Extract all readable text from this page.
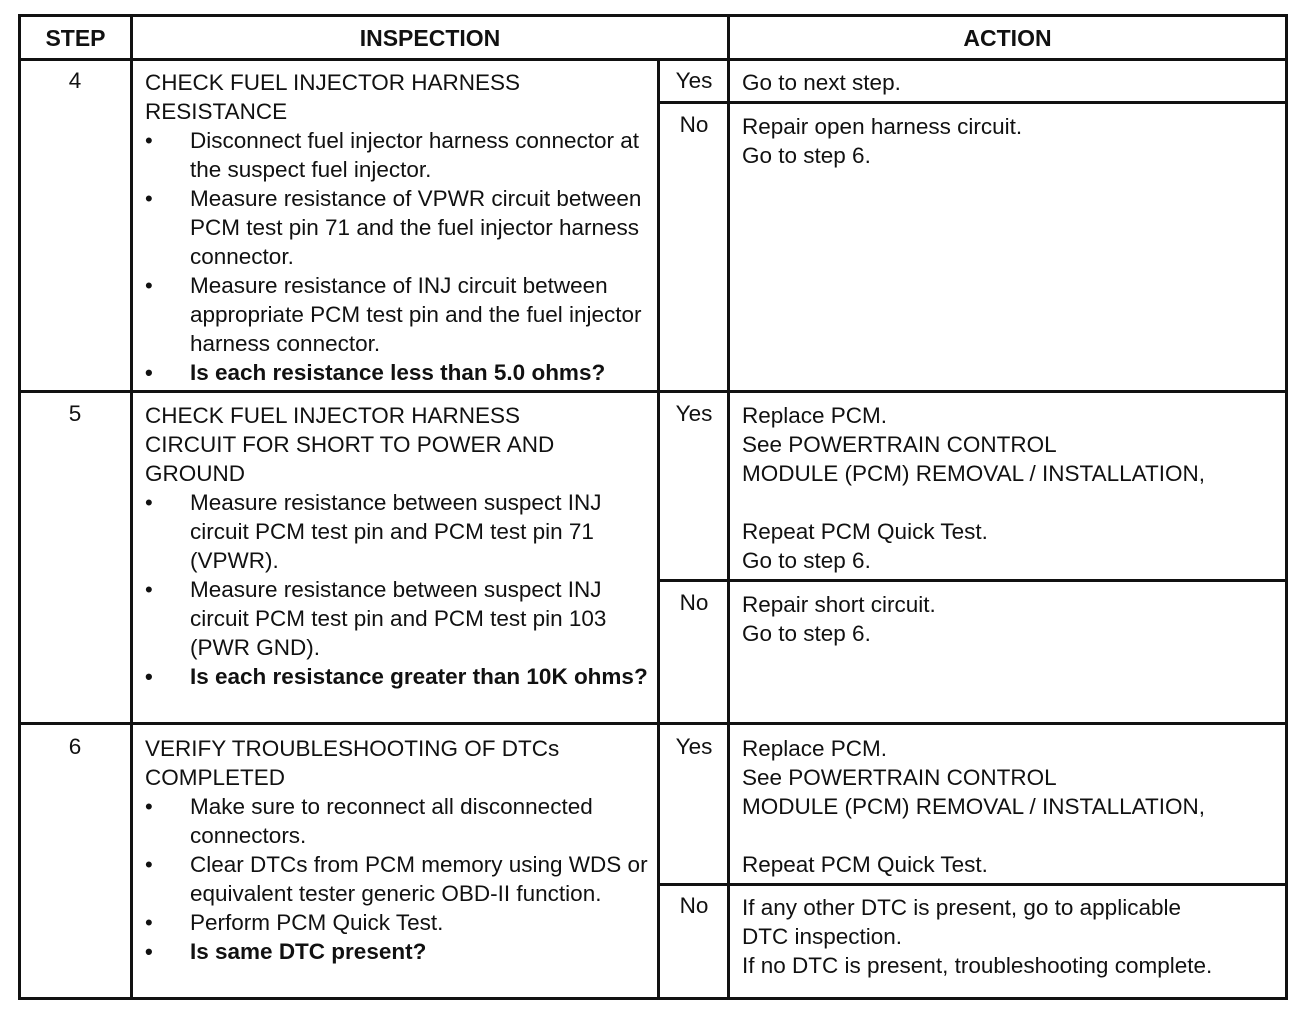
STEP	INSPECTION	ACTION
4	CHECK FUEL INJECTOR HARNESS
RESISTANCE
• Disconnect fuel injector harness connector at the suspect fuel injector.
• Measure resistance of VPWR circuit between PCM test pin 71 and the fuel injector harness connector.
• Measure resistance of INJ circuit between appropriate PCM test pin and the fuel injector harness connector.
• Is each resistance less than 5.0 ohms?
Yes	Go to next step.
No	Repair open harness circuit.
Go to step 6.
5	CHECK FUEL INJECTOR HARNESS
CIRCUIT FOR SHORT TO POWER AND
GROUND
• Measure resistance between suspect INJ circuit PCM test pin and PCM test pin 71 (VPWR).
• Measure resistance between suspect INJ circuit PCM test pin and PCM test pin 103 (PWR GND).
• Is each resistance greater than 10K ohms?
Yes	Replace PCM.
See POWERTRAIN CONTROL
MODULE (PCM) REMOVAL / INSTALLATION,
Repeat PCM Quick Test.
Go to step 6.
No	Repair short circuit.
Go to step 6.
6	VERIFY TROUBLESHOOTING OF DTCs
COMPLETED
• Make sure to reconnect all disconnected connectors.
• Clear DTCs from PCM memory using WDS or equivalent tester generic OBD-II function.
• Perform PCM Quick Test.
• Is same DTC present?
Yes	Replace PCM.
See POWERTRAIN CONTROL
MODULE (PCM) REMOVAL / INSTALLATION,
Repeat PCM Quick Test.
No	If any other DTC is present, go to applicable
DTC inspection.
If no DTC is present, troubleshooting complete.
